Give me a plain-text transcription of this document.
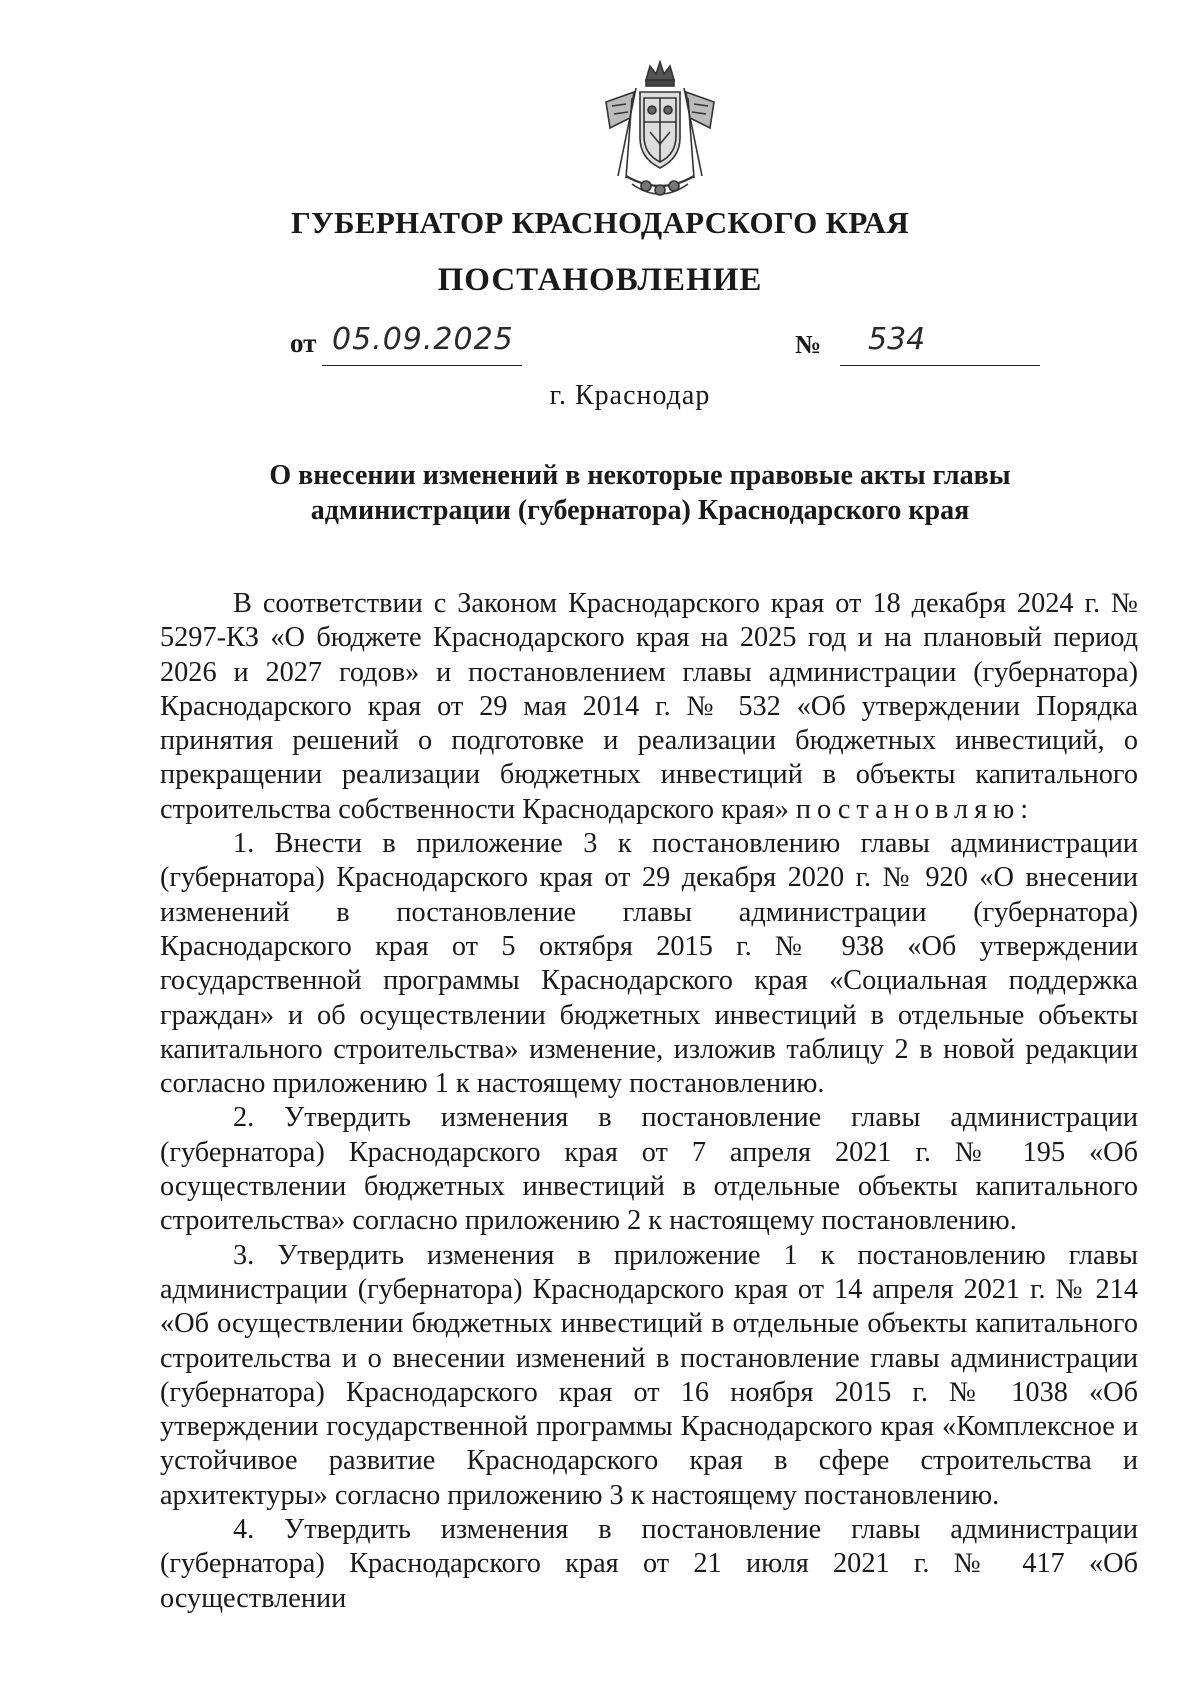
ГУБЕРНАТОР КРАСНОДАРСКОГО КРАЯ
ПОСТАНОВЛЕНИЕ
от 05.09.2025	№ 534
г. Краснодар
О внесении изменений в некоторые правовые акты главы
администрации (губернатора) Краснодарского края

В соответствии с Законом Краснодарского края от 18 декабря 2024 г. № 5297-КЗ «О бюджете Краснодарского края на 2025 год и на плановый период 2026 и 2027 годов» и постановлением главы администрации (губернатора) Краснодарского края от 29 мая 2014 г. № 532 «Об утверждении Порядка принятия решений о подготовке и реализации бюджетных инвестиций, о прекращении реализации бюджетных инвестиций в объекты капитального строительства собственности Краснодарского края» постановляю:

1. Внести в приложение 3 к постановлению главы администрации (губернатора) Краснодарского края от 29 декабря 2020 г. № 920 «О внесении изменений в постановление главы администрации (губернатора) Краснодарского края от 5 октября 2015 г. № 938 «Об утверждении государственной программы Краснодарского края «Социальная поддержка граждан» и об осуществлении бюджетных инвестиций в отдельные объекты капитального строительства» изменение, изложив таблицу 2 в новой редакции согласно приложению 1 к настоящему постановлению.

2. Утвердить изменения в постановление главы администрации (губернатора) Краснодарского края от 7 апреля 2021 г. № 195 «Об осуществлении бюджетных инвестиций в отдельные объекты капитального строительства» согласно приложению 2 к настоящему постановлению.

3. Утвердить изменения в приложение 1 к постановлению главы администрации (губернатора) Краснодарского края от 14 апреля 2021 г. № 214 «Об осуществлении бюджетных инвестиций в отдельные объекты капитального строительства и о внесении изменений в постановление главы администрации (губернатора) Краснодарского края от 16 ноября 2015 г. № 1038 «Об утверждении государственной программы Краснодарского края «Комплексное и устойчивое развитие Краснодарского края в сфере строительства и архитектуры» согласно приложению 3 к настоящему постановлению.

4. Утвердить изменения в постановление главы администрации (губернатора) Краснодарского края от 21 июля 2021 г. № 417 «Об осуществлении
